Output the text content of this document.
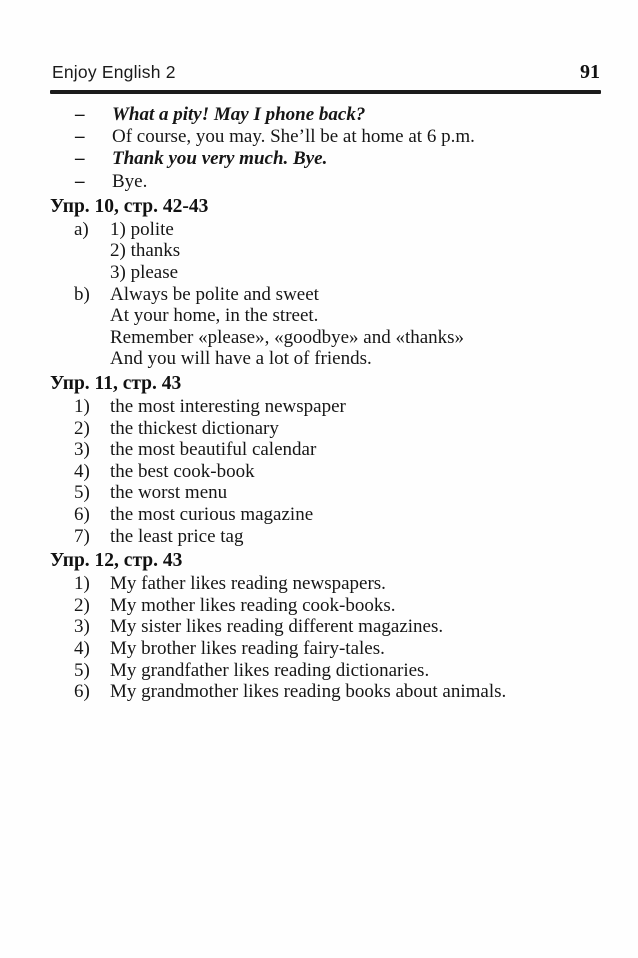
Enjoy English 2	91
–	What a pity! May I phone back?
–	Of course, you may. She’ll be at home at 6 p.m.
–	Thank you very much. Bye.
–	Bye.
Упр. 10, стр. 42-43
a)	1) polite
2) thanks
3) please
b)	Always be polite and sweet
At your home, in the street.
Remember «please», «goodbye» and «thanks»
And you will have a lot of friends.
Упр. 11, стр. 43
1)	the most interesting newspaper
2)	the thickest dictionary
3)	the most beautiful calendar
4)	the best cook-book
5)	the worst menu
6)	the most curious magazine
7)	the least price tag
Упр. 12, стр. 43
1)	My father likes reading newspapers.
2)	My mother likes reading cook-books.
3)	My sister likes reading different magazines.
4)	My brother likes reading fairy-tales.
5)	My grandfather likes reading dictionaries.
6)	My grandmother likes reading books about animals.
